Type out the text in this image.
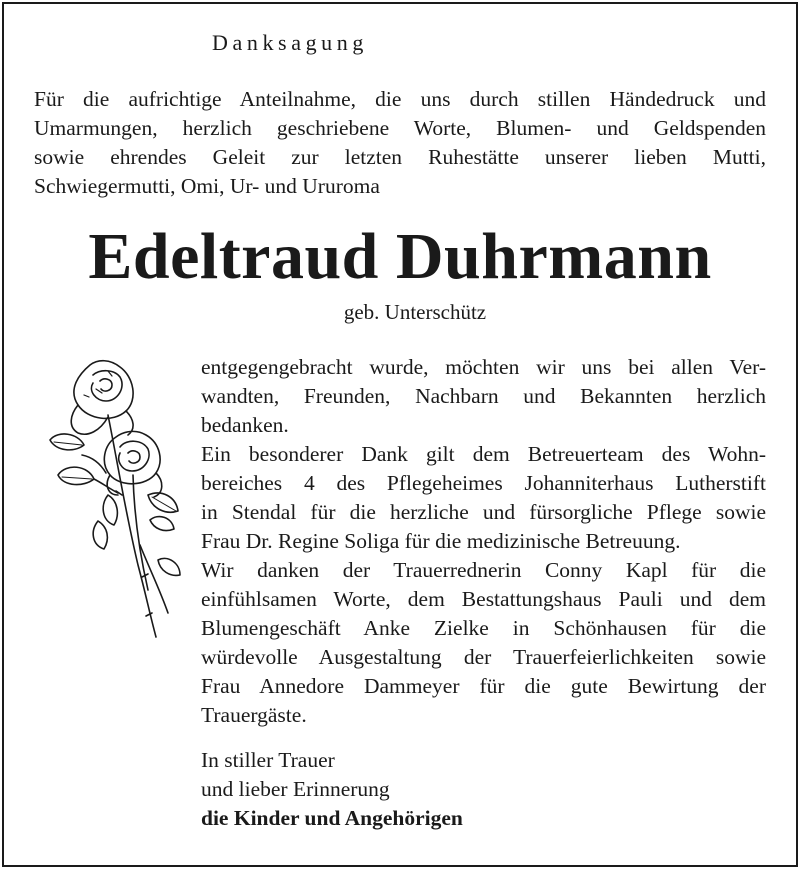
Danksagung
Für die aufrichtige Anteilnahme, die uns durch stillen Händedruck und
Umarmungen, herzlich geschriebene Worte, Blumen- und Geldspenden
sowie ehrendes Geleit zur letzten Ruhestätte unserer lieben Mutti,
Schwiegermutti, Omi, Ur- und Ururoma
Edeltraud Duhrmann
geb. Unterschütz
entgegengebracht wurde, möchten wir uns bei allen Ver-
wandten, Freunden, Nachbarn und Bekannten herzlich
bedanken.
Ein besonderer Dank gilt dem Betreuerteam des Wohn-
bereiches 4 des Pflegeheimes Johanniterhaus Lutherstift
in Stendal für die herzliche und fürsorgliche Pflege sowie
Frau Dr. Regine Soliga für die medizinische Betreuung.
Wir danken der Trauerrednerin Conny Kapl für die
einfühlsamen Worte, dem Bestattungshaus Pauli und dem
Blumengeschäft Anke Zielke in Schönhausen für die
würdevolle Ausgestaltung der Trauerfeierlichkeiten sowie
Frau Annedore Dammeyer für die gute Bewirtung der
Trauergäste.
In stiller Trauer
und lieber Erinnerung
die Kinder und Angehörigen
